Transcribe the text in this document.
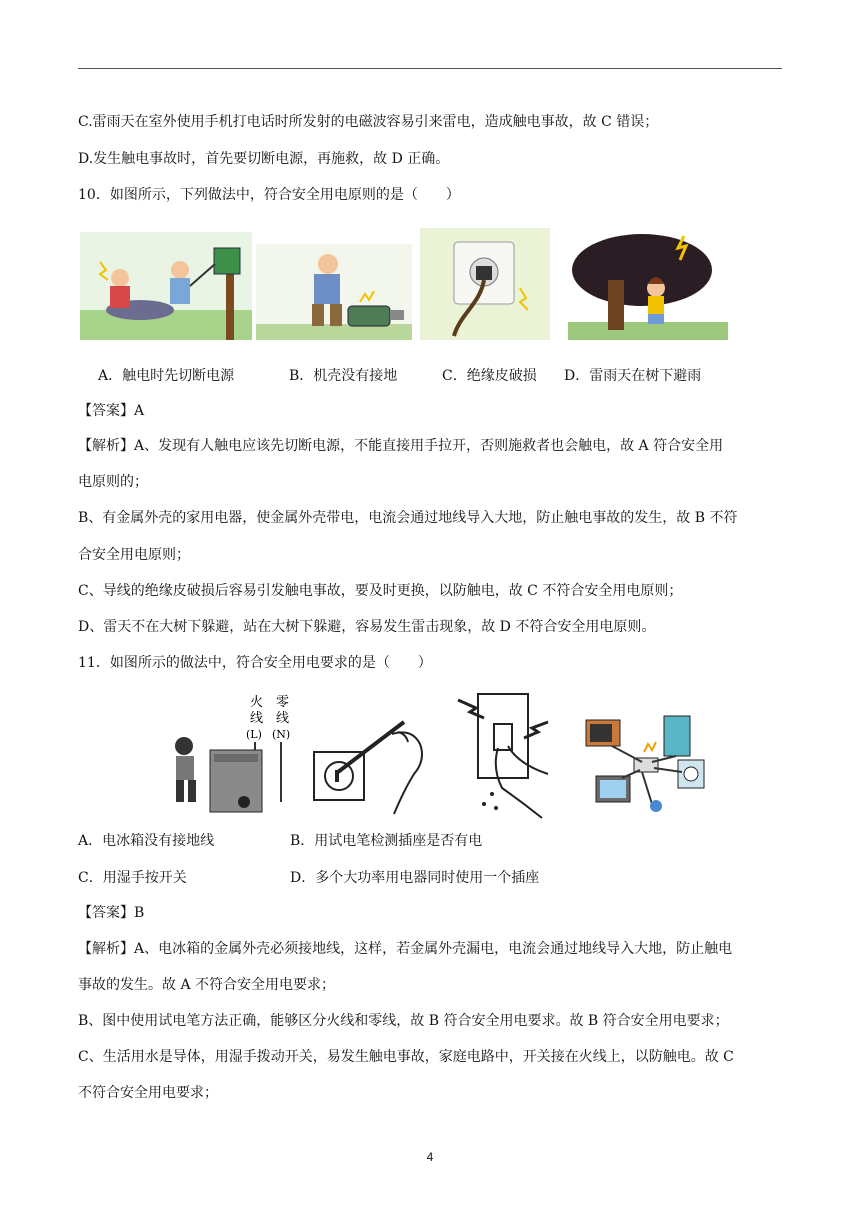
C.雷雨天在室外使用手机打电话时所发射的电磁波容易引来雷电，造成触电事故，故 C 错误；
D.发生触电事故时，首先要切断电源，再施救，故 D 正确。
10．如图所示，下列做法中，符合安全用电原则的是（　　）
A．触电时先切断电源	B．机壳没有接地	C．绝缘皮破损 D．雷雨天在树下避雨
【答案】A
【解析】A、发现有人触电应该先切断电源，不能直接用手拉开，否则施救者也会触电，故 A 符合安全用
电原则的；
B、有金属外壳的家用电器，使金属外壳带电，电流会通过地线导入大地，防止触电事故的发生，故 B 不符
合安全用电原则；
C、导线的绝缘皮破损后容易引发触电事故，要及时更换，以防触电，故 C 不符合安全用电原则；
D、雷天不在大树下躲避，站在大树下躲避，容易发生雷击现象，故 D 不符合安全用电原则。
11．如图所示的做法中，符合安全用电要求的是（　　）
火 零
线 线
(L) (N)
A．电冰箱没有接地线	B．用试电笔检测插座是否有电
C．用湿手按开关	D．多个大功率用电器同时使用一个插座
【答案】B
【解析】A、电冰箱的金属外壳必须接地线，这样，若金属外壳漏电，电流会通过地线导入大地，防止触电
事故的发生。故 A 不符合安全用电要求；
B、图中使用试电笔方法正确，能够区分火线和零线，故 B 符合安全用电要求。故 B 符合安全用电要求；
C、生活用水是导体，用湿手拨动开关，易发生触电事故，家庭电路中，开关接在火线上，以防触电。故 C
不符合安全用电要求；
4
